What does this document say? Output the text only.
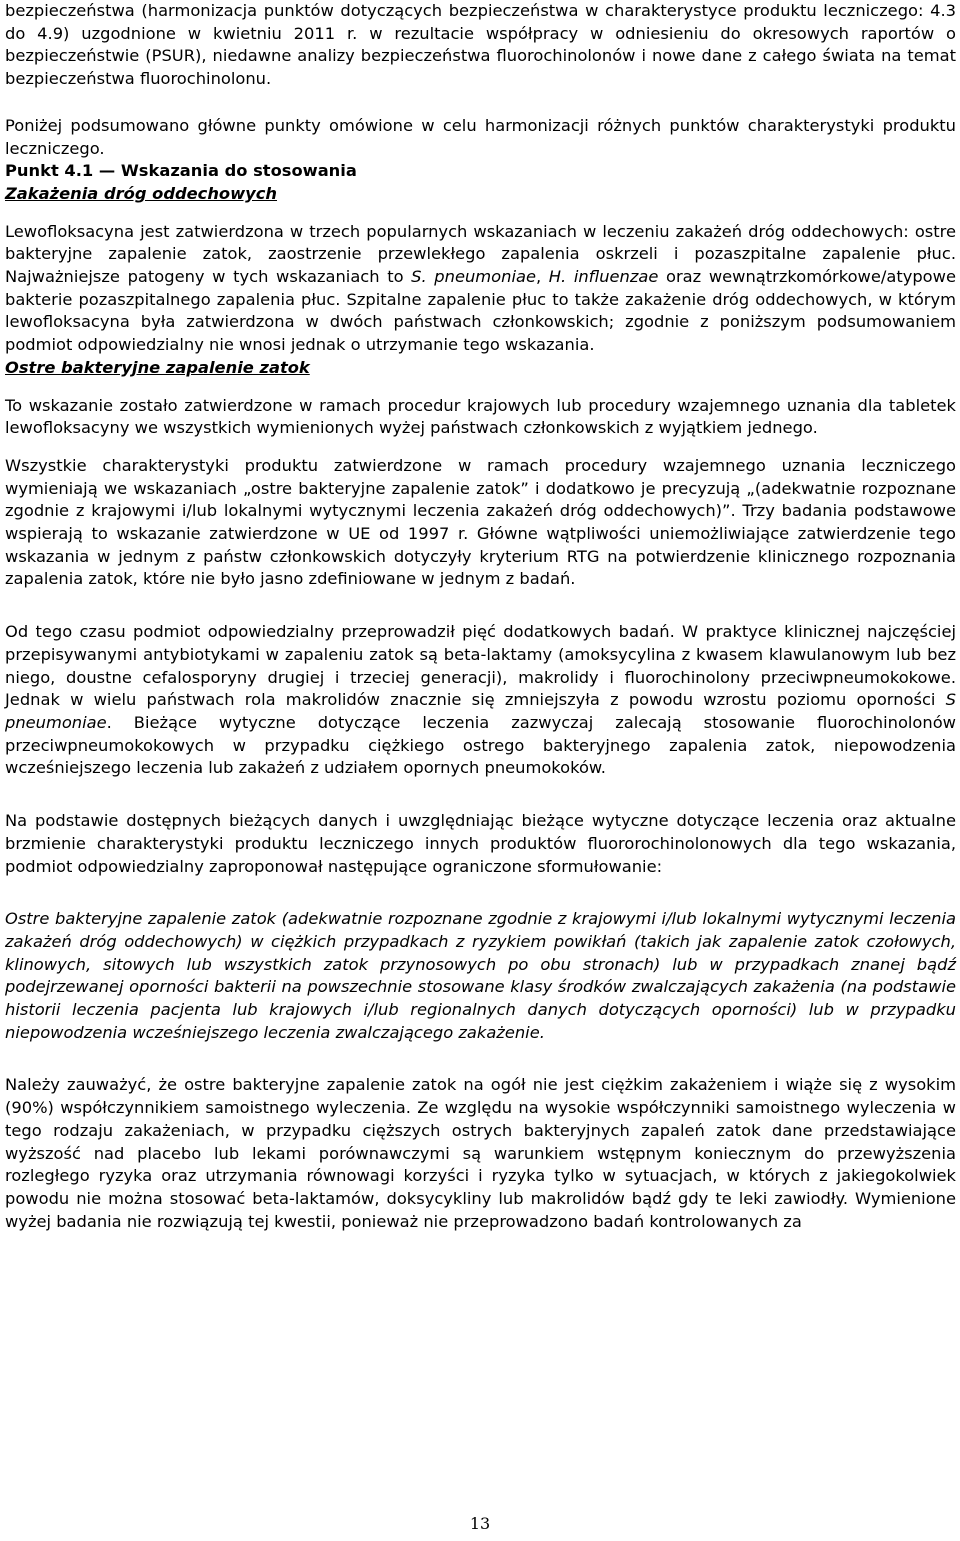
bezpieczeństwa (harmonizacja punktów dotyczących bezpieczeństwa w charakterystyce produktu leczniczego: 4.3 do 4.9) uzgodnione w kwietniu 2011 r. w rezultacie współpracy w odniesieniu do okresowych raportów o bezpieczeństwie (PSUR), niedawne analizy bezpieczeństwa fluorochinolonów i nowe dane z całego świata na temat bezpieczeństwa fluorochinolonu.

Poniżej podsumowano główne punkty omówione w celu harmonizacji różnych punktów charakterystyki produktu leczniczego.

Punkt 4.1 — Wskazania do stosowania

Zakażenia dróg oddechowych

Lewofloksacyna jest zatwierdzona w trzech popularnych wskazaniach w leczeniu zakażeń dróg oddechowych: ostre bakteryjne zapalenie zatok, zaostrzenie przewlekłego zapalenia oskrzeli i pozaszpitalne zapalenie płuc. Najważniejsze patogeny w tych wskazaniach to S. pneumoniae, H. influenzae oraz wewnątrzkomórkowe/atypowe bakterie pozaszpitalnego zapalenia płuc. Szpitalne zapalenie płuc to także zakażenie dróg oddechowych, w którym lewofloksacyna była zatwierdzona w dwóch państwach członkowskich; zgodnie z poniższym podsumowaniem podmiot odpowiedzialny nie wnosi jednak o utrzymanie tego wskazania.

Ostre bakteryjne zapalenie zatok

To wskazanie zostało zatwierdzone w ramach procedur krajowych lub procedury wzajemnego uznania dla tabletek lewofloksacyny we wszystkich wymienionych wyżej państwach członkowskich z wyjątkiem jednego.

Wszystkie charakterystyki produktu zatwierdzone w ramach procedury wzajemnego uznania leczniczego wymieniają we wskazaniach „ostre bakteryjne zapalenie zatok” i dodatkowo je precyzują „(adekwatnie rozpoznane zgodnie z krajowymi i/lub lokalnymi wytycznymi leczenia zakażeń dróg oddechowych)”. Trzy badania podstawowe wspierają to wskazanie zatwierdzone w UE od 1997 r. Główne wątpliwości uniemożliwiające zatwierdzenie tego wskazania w jednym z państw członkowskich dotyczyły kryterium RTG na potwierdzenie klinicznego rozpoznania zapalenia zatok, które nie było jasno zdefiniowane w jednym z badań.

Od tego czasu podmiot odpowiedzialny przeprowadził pięć dodatkowych badań. W praktyce klinicznej najczęściej przepisywanymi antybiotykami w zapaleniu zatok są beta-laktamy (amoksycylina z kwasem klawulanowym lub bez niego, doustne cefalosporyny drugiej i trzeciej generacji), makrolidy i fluorochinolony przeciwpneumokokowe. Jednak w wielu państwach rola makrolidów znacznie się zmniejszyła z powodu wzrostu poziomu oporności S pneumoniae. Bieżące wytyczne dotyczące leczenia zazwyczaj zalecają stosowanie fluorochinolonów przeciwpneumokokowych w przypadku ciężkiego ostrego bakteryjnego zapalenia zatok, niepowodzenia wcześniejszego leczenia lub zakażeń z udziałem opornych pneumokoków.

Na podstawie dostępnych bieżących danych i uwzględniając bieżące wytyczne dotyczące leczenia oraz aktualne brzmienie charakterystyki produktu leczniczego innych produktów fluororochinolonowych dla tego wskazania, podmiot odpowiedzialny zaproponował następujące ograniczone sformułowanie:

Ostre bakteryjne zapalenie zatok (adekwatnie rozpoznane zgodnie z krajowymi i/lub lokalnymi wytycznymi leczenia zakażeń dróg oddechowych) w ciężkich przypadkach z ryzykiem powikłań (takich jak zapalenie zatok czołowych, klinowych, sitowych lub wszystkich zatok przynosowych po obu stronach) lub w przypadkach znanej bądź podejrzewanej oporności bakterii na powszechnie stosowane klasy środków zwalczających zakażenia (na podstawie historii leczenia pacjenta lub krajowych i/lub regionalnych danych dotyczących oporności) lub w przypadku niepowodzenia wcześniejszego leczenia zwalczającego zakażenie.

Należy zauważyć, że ostre bakteryjne zapalenie zatok na ogół nie jest ciężkim zakażeniem i wiąże się z wysokim (90%) współczynnikiem samoistnego wyleczenia. Ze względu na wysokie współczynniki samoistnego wyleczenia w tego rodzaju zakażeniach, w przypadku cięższych ostrych bakteryjnych zapaleń zatok dane przedstawiające wyższość nad placebo lub lekami porównawczymi są warunkiem wstępnym koniecznym do przewyższenia rozległego ryzyka oraz utrzymania równowagi korzyści i ryzyka tylko w sytuacjach, w których z jakiegokolwiek powodu nie można stosować beta-laktamów, doksycykliny lub makrolidów bądź gdy te leki zawiodły. Wymienione wyżej badania nie rozwiązują tej kwestii, ponieważ nie przeprowadzono badań kontrolowanych za

13
